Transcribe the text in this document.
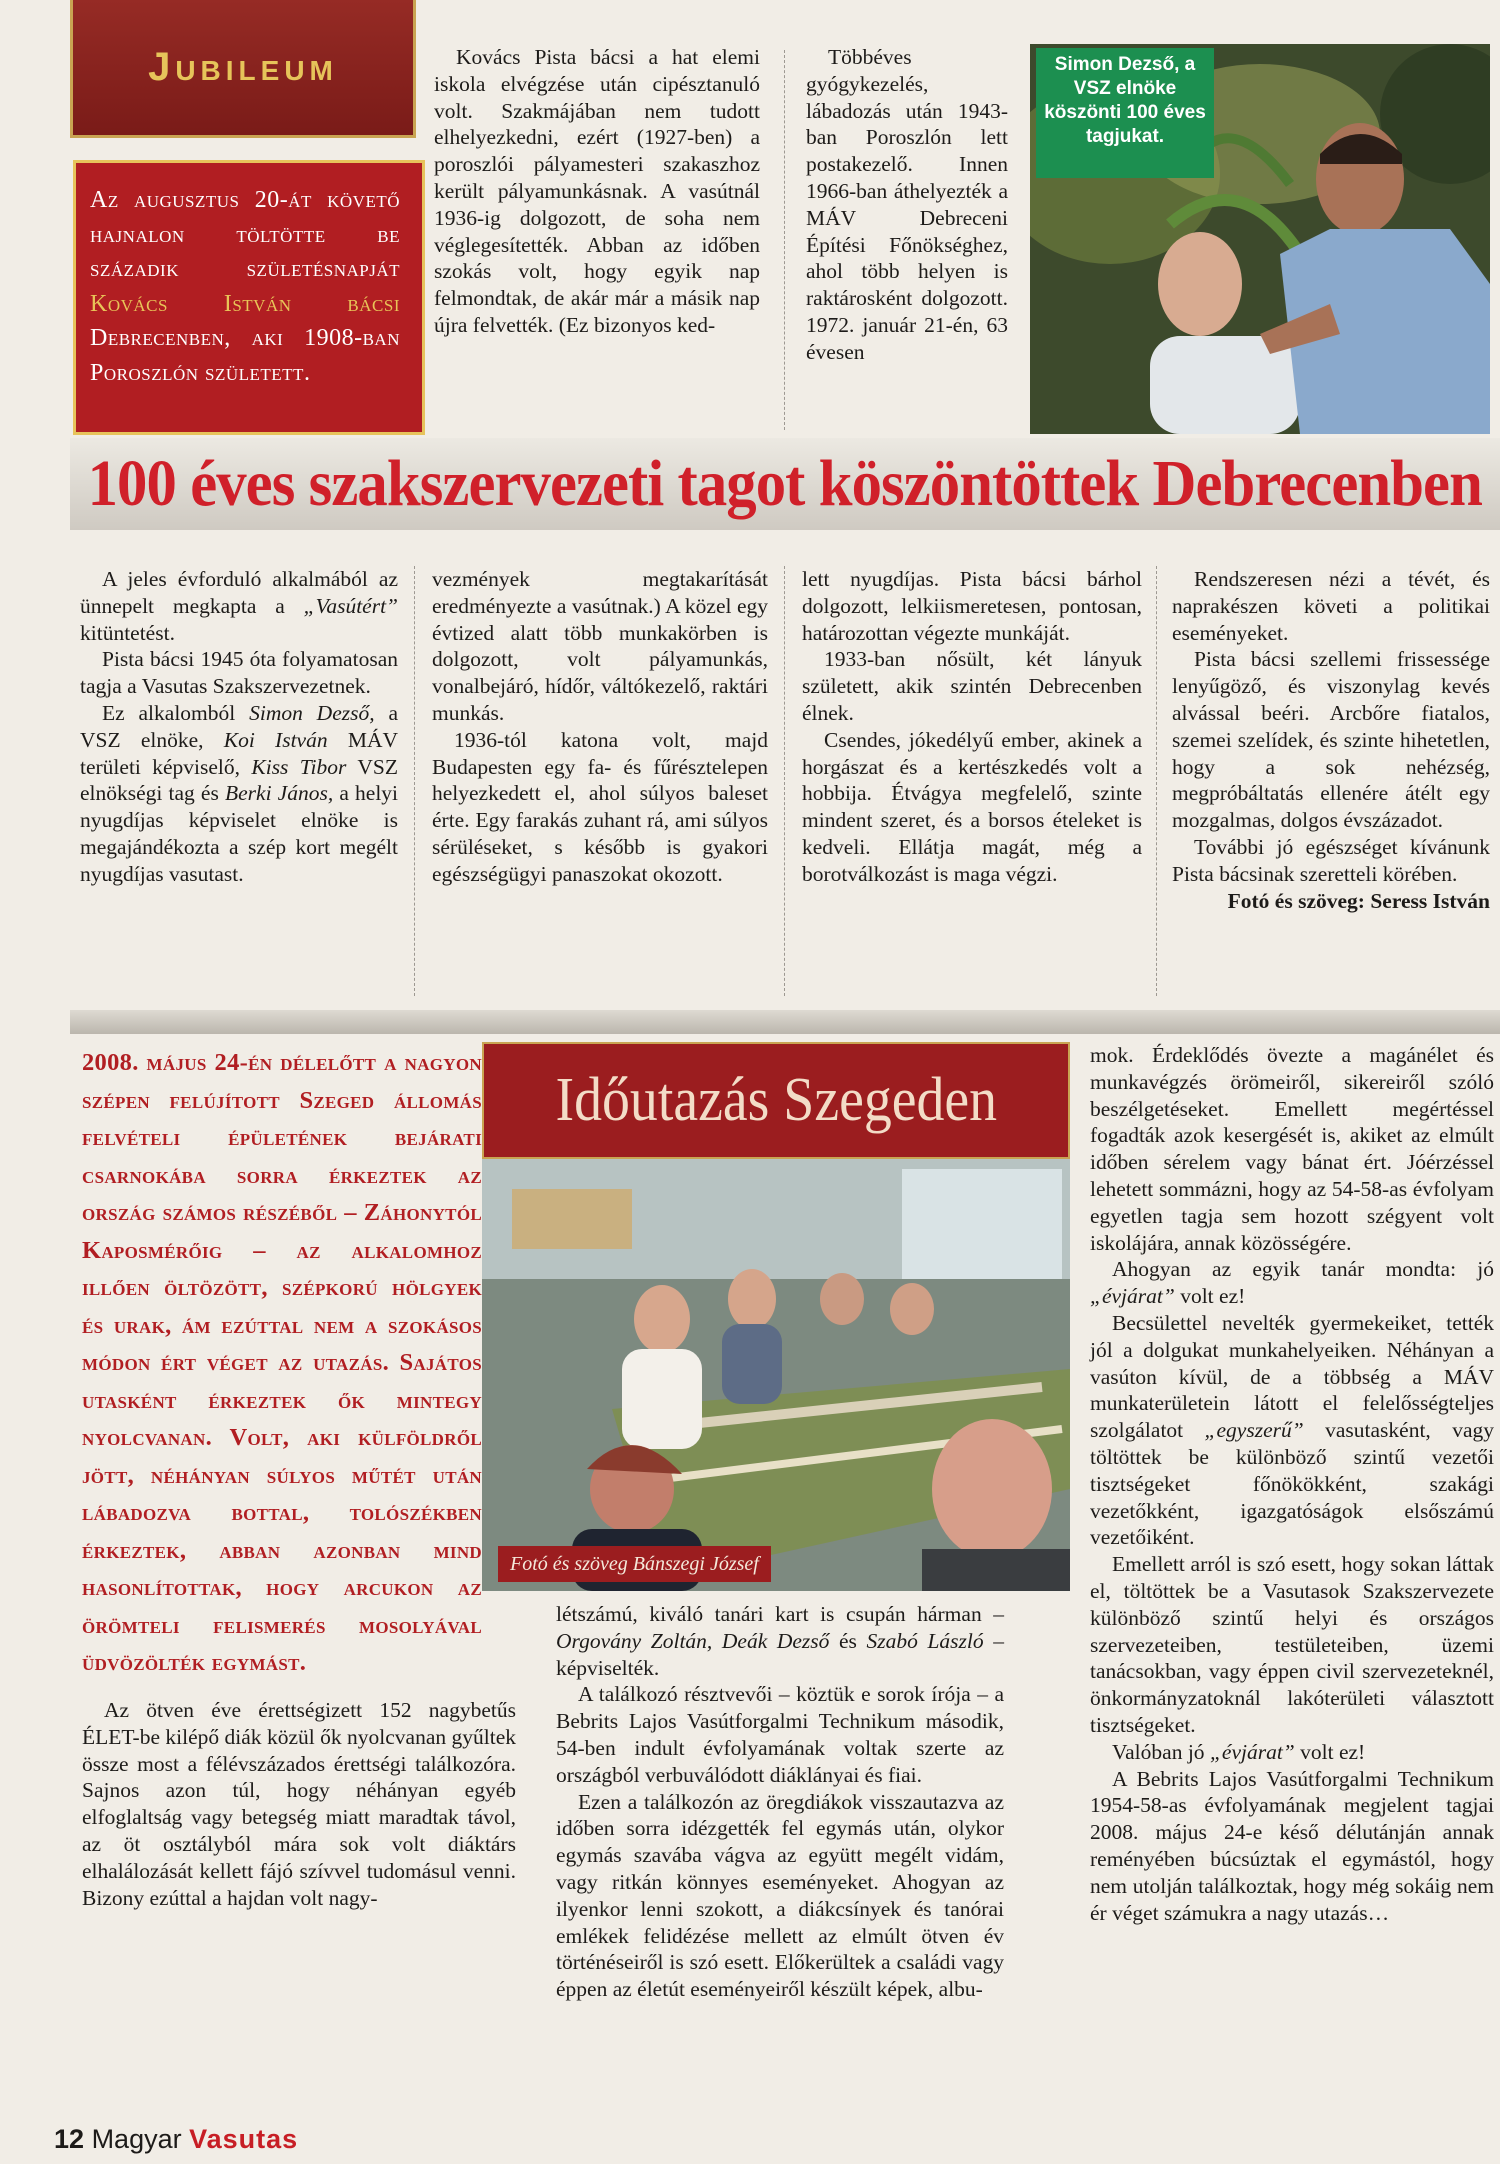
Jubileum
Az augusztus 20-át követő hajnalon töltötte be századik születésnapját Kovács István bácsi Debrecenben, aki 1908-ban Poroszlón született.

Kovács Pista bácsi a hat elemi iskola elvégzése után cipésztanuló volt. Szakmájában nem tudott elhelyezkedni, ezért (1927-ben) a poroszlói pályamesteri szakaszhoz került pályamunkásnak. A vasútnál 1936-ig dolgozott, de soha nem véglegesítették. Abban az időben szokás volt, hogy egyik nap felmondtak, de akár már a másik nap újra felvették. (Ez bizonyos ked-

Többéves gyógykezelés, lábadozás után 1943-ban Poroszlón lett postakezelő. Innen 1966-ban áthelyezték a MÁV Debreceni Építési Főnökséghez, ahol több helyen is raktárosként dolgozott. 1972. január 21-én, 63 évesen

Simon Dezső, a VSZ elnöke köszönti 100 éves tagjukat.
100 éves szakszervezeti tagot köszöntöttek Debrecenben

A jeles évforduló alkalmából az ünnepelt megkapta a „Vasútért” kitüntetést.

Pista bácsi 1945 óta folyamatosan tagja a Vasutas Szakszervezetnek.

Ez alkalomból Simon Dezső, a VSZ elnöke, Koi István MÁV területi képviselő, Kiss Tibor VSZ elnökségi tag és Berki János, a helyi nyugdíjas képviselet elnöke is megajándékozta a szép kort megélt nyugdíjas vasutast.

vezmények megtakarítását eredményezte a vasútnak.) A közel egy évtized alatt több munkakörben is dolgozott, volt pályamunkás, vonalbejáró, hídőr, váltókezelő, raktári munkás.

1936-tól katona volt, majd Budapesten egy fa- és fűrésztelepen helyezkedett el, ahol súlyos baleset érte. Egy farakás zuhant rá, ami súlyos sérüléseket, s később is gyakori egészségügyi panaszokat okozott.

lett nyugdíjas. Pista bácsi bárhol dolgozott, lelkiismeretesen, pontosan, határozottan végezte munkáját.

1933-ban nősült, két lányuk született, akik szintén Debrecenben élnek.

Csendes, jókedélyű ember, akinek a horgászat és a kertészkedés volt a hobbija. Étvágya megfelelő, szinte mindent szeret, és a borsos ételeket is kedveli. Ellátja magát, még a borotválkozást is maga végzi.

Rendszeresen nézi a tévét, és naprakészen követi a politikai eseményeket.

Pista bácsi szellemi frissessége lenyűgöző, és viszonylag kevés alvással beéri. Arcbőre fiatalos, szemei szelídek, és szinte hihetetlen, hogy a sok nehézség, megpróbáltatás ellenére átélt egy mozgalmas, dolgos évszázadot.

További jó egészséget kívánunk Pista bácsinak szeretteli körében.

Fotó és szöveg: Seress István

2008. május 24-én délelőtt a nagyon szépen felújított Szeged állomás felvételi épületének bejárati csarnokába sorra érkeztek az ország számos részéből – Záhonytól Kaposmérőig – az alkalomhoz illően öltözött, szépkorú hölgyek és urak, ám ezúttal nem a szokásos módon ért véget az utazás. Sajátos utasként érkeztek ők mintegy nyolcvanan. Volt, aki külföldről jött, néhányan súlyos műtét után lábadozva bottal, tolószékben érkeztek, abban azonban mind hasonlítottak, hogy arcukon az örömteli felismerés mosolyával üdvözölték egymást.
Időutazás Szegeden
Fotó és szöveg Bánszegi József

Az ötven éve érettségizett 152 nagybetűs ÉLET-be kilépő diák közül ők nyolcvanan gyűltek össze most a félévszázados érettségi találkozóra. Sajnos azon túl, hogy néhányan egyéb elfoglaltság vagy betegség miatt maradtak távol, az öt osztályból mára sok volt diáktárs elhalálozását kellett fájó szívvel tudomásul venni. Bizony ezúttal a hajdan volt nagy-

létszámú, kiváló tanári kart is csupán hárman – Orgovány Zoltán, Deák Dezső és Szabó László – képviselték.

A találkozó résztvevői – köztük e sorok írója – a Bebrits Lajos Vasútforgalmi Technikum második, 54-ben indult évfolyamának voltak szerte az országból verbuválódott diáklányai és fiai.

Ezen a találkozón az öregdiákok visszautazva az időben sorra idézgették fel egymás után, olykor egymás szavába vágva az együtt megélt vidám, vagy ritkán könnyes eseményeket. Ahogyan az ilyenkor lenni szokott, a diákcsínyek és tanórai emlékek felidézése mellett az elmúlt ötven év történéseiről is szó esett. Előkerültek a családi vagy éppen az életút eseményeiről készült képek, albu-

mok. Érdeklődés övezte a magánélet és munkavégzés örömeiről, sikereiről szóló beszélgetéseket. Emellett megértéssel fogadták azok kesergését is, akiket az elmúlt időben sérelem vagy bánat ért. Jóérzéssel lehetett sommázni, hogy az 54-58-as évfolyam egyetlen tagja sem hozott szégyent volt iskolájára, annak közösségére.

Ahogyan az egyik tanár mondta: jó „évjárat” volt ez!

Becsülettel nevelték gyermekeiket, tették jól a dolgukat munkahelyeiken. Néhányan a vasúton kívül, de a többség a MÁV munkaterületein látott el felelősségteljes szolgálatot „egyszerű” vasutasként, vagy töltöttek be különböző szintű vezetői tisztségeket főnökökként, szakági vezetőkként, igazgatóságok elsőszámú vezetőiként.

Emellett arról is szó esett, hogy sokan láttak el, töltöttek be a Vasutasok Szakszervezete különböző szintű helyi és országos szervezeteiben, testületeiben, üzemi tanácsokban, vagy éppen civil szervezeteknél, önkormányzatoknál lakóterületi választott tisztségeket.

Valóban jó „évjárat” volt ez!

A Bebrits Lajos Vasútforgalmi Technikum 1954-58-as évfolyamának megjelent tagjai 2008. május 24-e késő délutánján annak reményében búcsúztak el egymástól, hogy nem utolján találkoztak, hogy még sokáig nem ér véget számukra a nagy utazás…

12 Magyar Vasutas
